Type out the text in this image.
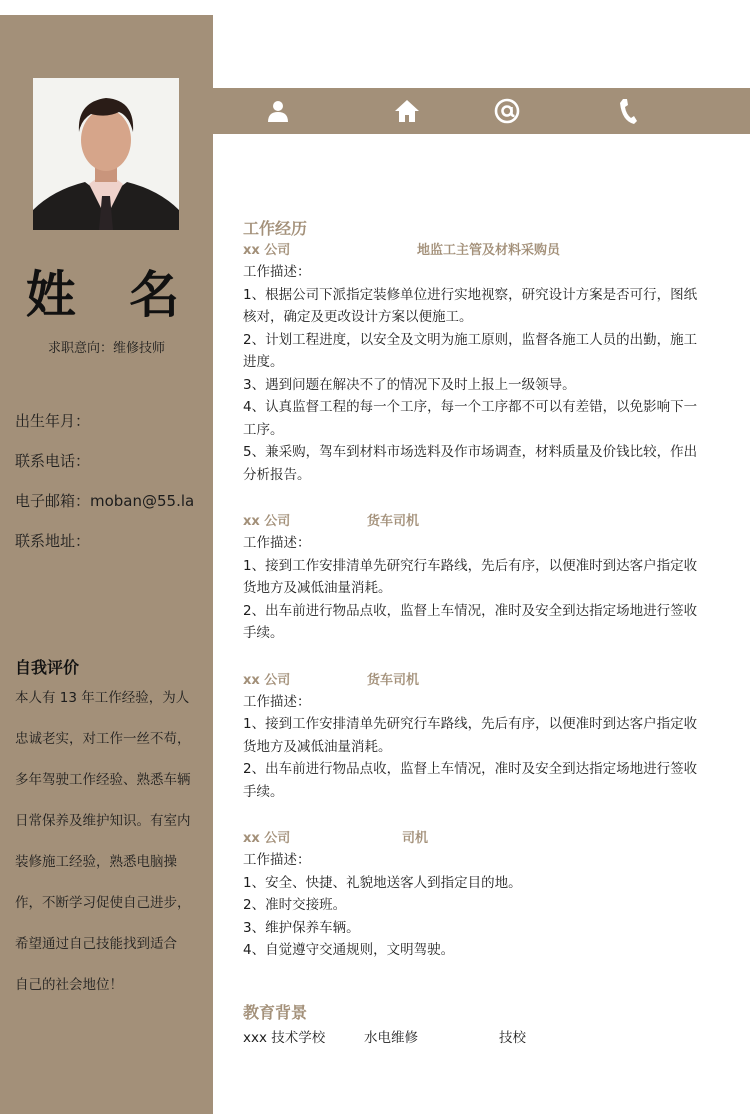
姓 名
求职意向：维修技师
出生年月：
联系电话：
电子邮箱：moban@55.la
联系地址：
自我评价
本人有 13 年工作经验，为人
忠诚老实，对工作一丝不苟，
多年驾驶工作经验、熟悉车辆
日常保养及维护知识。有室内
装修施工经验，熟悉电脑操
作，不断学习促使自己进步，
希望通过自己技能找到适合
自己的社会地位！
工作经历
xx 公司	地监工主管及材料采购员
工作描述：
1、根据公司下派指定装修单位进行实地视察，研究设计方案是否可行，图纸
核对，确定及更改设计方案以便施工。
2、计划工程进度，以安全及文明为施工原则，监督各施工人员的出勤，施工
进度。
3、遇到问题在解决不了的情况下及时上报上一级领导。
4、认真监督工程的每一个工序，每一个工序都不可以有差错，以免影响下一
工序。
5、兼采购，驾车到材料市场选料及作市场调查，材料质量及价钱比较，作出
分析报告。
xx 公司	货车司机
工作描述：
1、接到工作安排清单先研究行车路线，先后有序，以便准时到达客户指定收
货地方及减低油量消耗。
2、出车前进行物品点收，监督上车情况，准时及安全到达指定场地进行签收
手续。
xx 公司	货车司机
工作描述：
1、接到工作安排清单先研究行车路线，先后有序，以便准时到达客户指定收
货地方及减低油量消耗。
2、出车前进行物品点收，监督上车情况，准时及安全到达指定场地进行签收
手续。
xx 公司	司机
工作描述：
1、安全、快捷、礼貌地送客人到指定目的地。
2、准时交接班。
3、维护保养车辆。
4、自觉遵守交通规则，文明驾驶。
教育背景
xxx 技术学校	水电维修	技校
